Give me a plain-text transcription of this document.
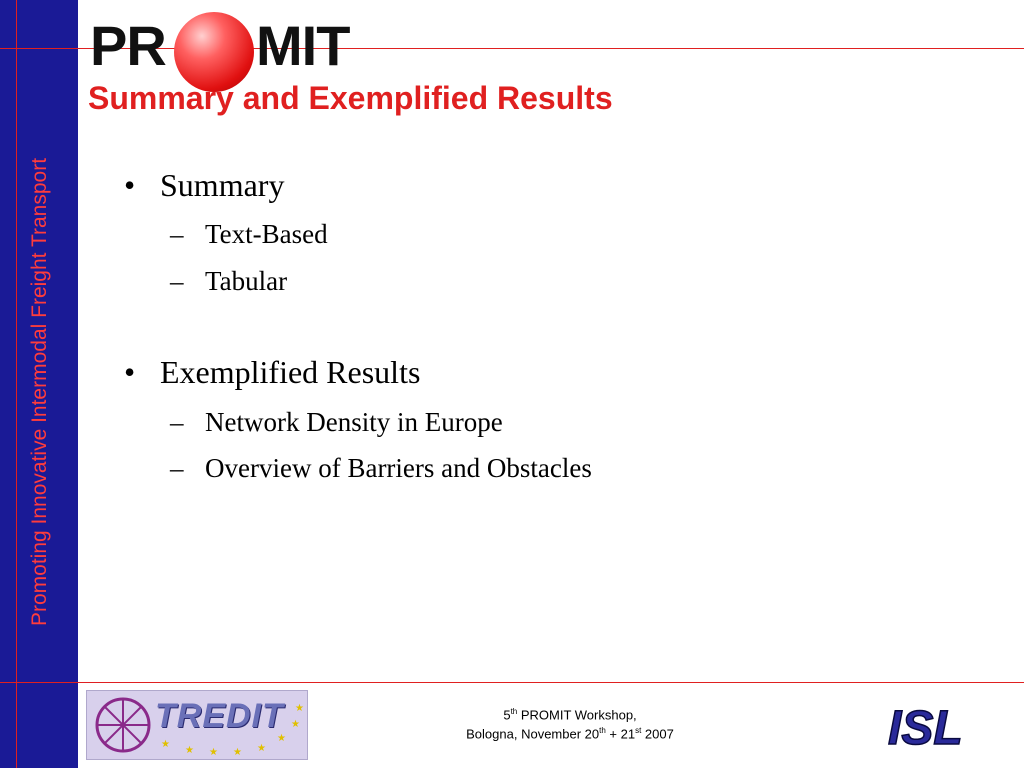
Promoting Innovative Intermodal Freight Transport
PR MIT
Summary and Exemplified Results
• Summary
– Text-Based
– Tabular
• Exemplified Results
– Network Density in Europe
– Overview of Barriers and Obstacles
TREDIT
★
★ ★ ★ ★
★
★
★	5th PROMIT Workshop,
Bologna, November 20th + 21st 2007	ISL
